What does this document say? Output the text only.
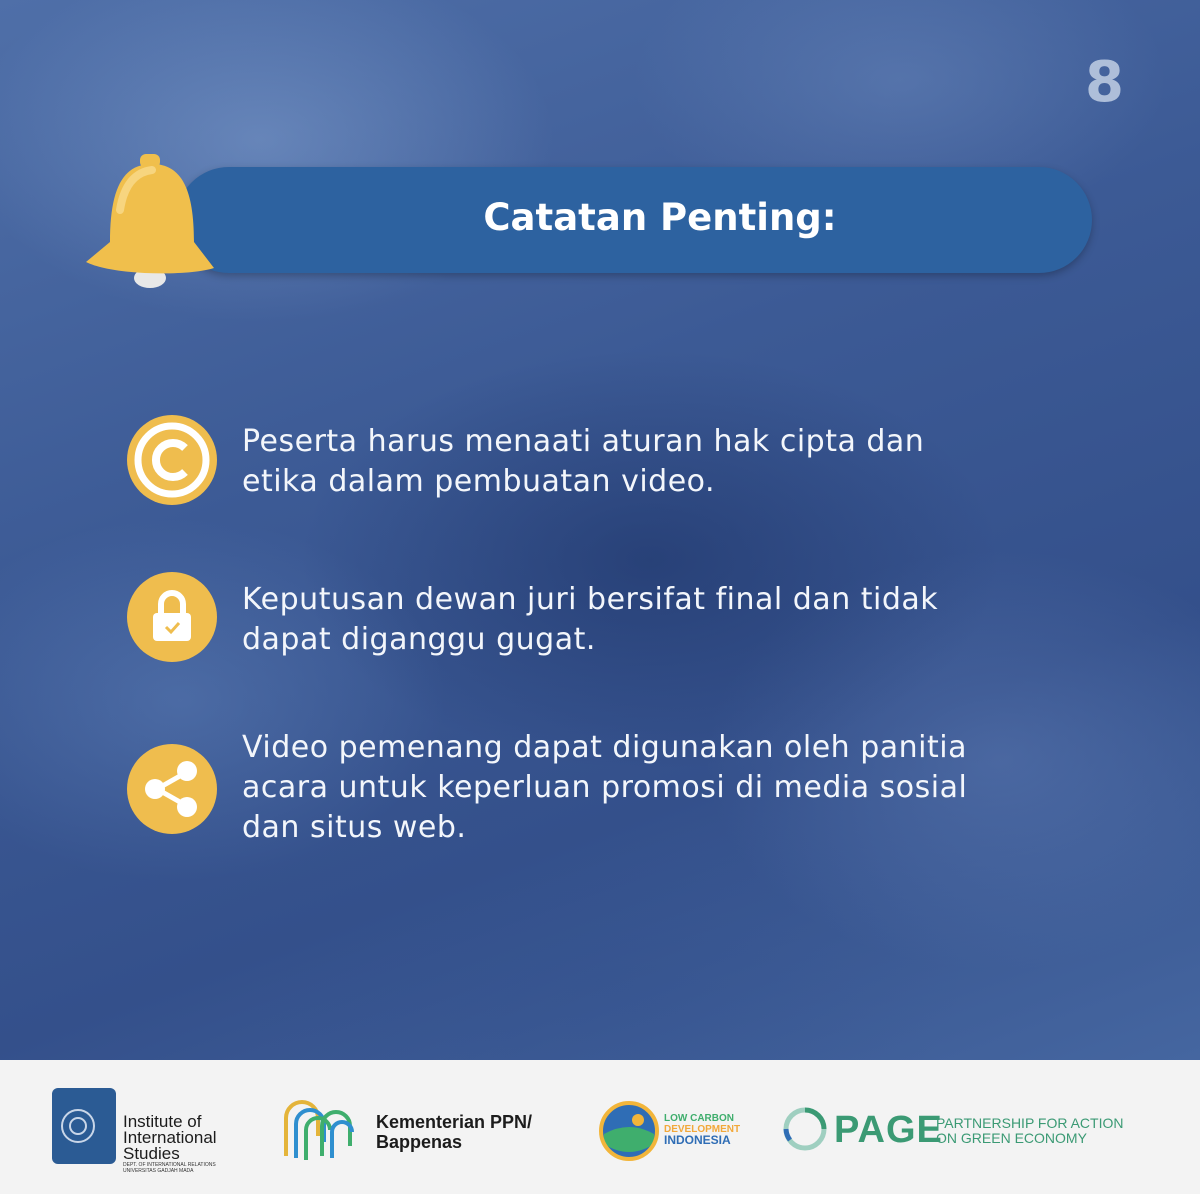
8
Catatan Penting:
Peserta harus menaati aturan hak cipta dan
etika dalam pembuatan video.
Keputusan dewan juri bersifat final dan tidak
dapat diganggu gugat.
Video pemenang dapat digunakan oleh panitia
acara untuk keperluan promosi di media sosial
dan situs web.
Institute of
International
Studies
DEPT. OF INTERNATIONAL RELATIONS
UNIVERSITAS GADJAH MADA
Kementerian PPN/
Bappenas
LOW CARBON
DEVELOPMENT
INDONESIA	PAGE
PARTNERSHIP FOR ACTION
ON GREEN ECONOMY
